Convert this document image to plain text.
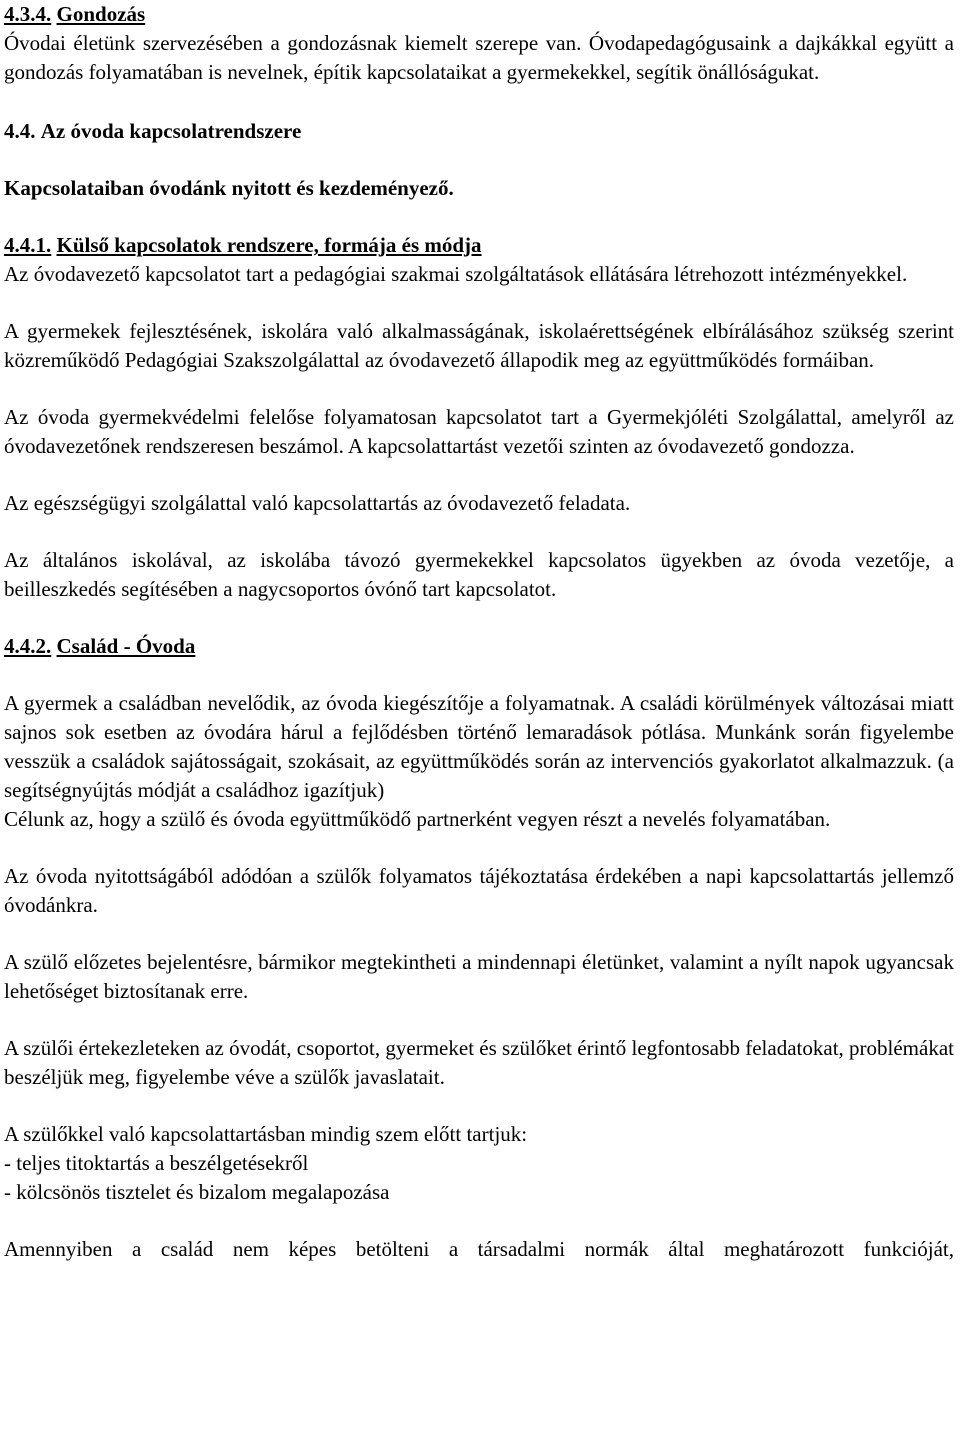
4.3.4. Gondozás

Óvodai életünk szervezésében a gondozásnak kiemelt szerepe van. Óvodapedagógusaink a dajkákkal együtt a gondozás folyamatában is nevelnek, építik kapcsolataikat a gyermekekkel, segítik önállóságukat.

4.4. Az óvoda kapcsolatrendszere

Kapcsolataiban óvodánk nyitott és kezdeményező.

4.4.1. Külső kapcsolatok rendszere, formája és módja

Az óvodavezető kapcsolatot tart a pedagógiai szakmai szolgáltatások ellátására létrehozott intézményekkel.

A gyermekek fejlesztésének, iskolára való alkalmasságának, iskolaérettségének elbírálásához szükség szerint közreműködő Pedagógiai Szakszolgálattal az óvodavezető állapodik meg az együttműködés formáiban.

Az óvoda gyermekvédelmi felelőse folyamatosan kapcsolatot tart a Gyermekjóléti Szolgálattal, amelyről az óvodavezetőnek rendszeresen beszámol. A kapcsolattartást vezetői szinten az óvodavezető gondozza.

Az egészségügyi szolgálattal való kapcsolattartás az óvodavezető feladata.

Az általános iskolával, az iskolába távozó gyermekekkel kapcsolatos ügyekben az óvoda vezetője, a beilleszkedés segítésében a nagycsoportos óvónő tart kapcsolatot.

4.4.2. Család - Óvoda

A gyermek a családban nevelődik, az óvoda kiegészítője a folyamatnak. A családi körülmények változásai miatt sajnos sok esetben az óvodára hárul a fejlődésben történő lemaradások pótlása. Munkánk során figyelembe vesszük a családok sajátosságait, szokásait, az együttműködés során az intervenciós gyakorlatot alkalmazzuk. (a segítségnyújtás módját a családhoz igazítjuk)

Célunk az, hogy a szülő és óvoda együttműködő partnerként vegyen részt a nevelés folyamatában.

Az óvoda nyitottságából adódóan a szülők folyamatos tájékoztatása érdekében a napi kapcsolattartás jellemző óvodánkra.

A szülő előzetes bejelentésre, bármikor megtekintheti a mindennapi életünket, valamint a nyílt napok ugyancsak lehetőséget biztosítanak erre.

A szülői értekezleteken az óvodát, csoportot, gyermeket és szülőket érintő legfontosabb feladatokat, problémákat beszéljük meg, figyelembe véve a szülők javaslatait.

A szülőkkel való kapcsolattartásban mindig szem előtt tartjuk:

- teljes titoktartás a beszélgetésekről

- kölcsönös tisztelet és bizalom megalapozása

Amennyiben a család nem képes betölteni a társadalmi normák által meghatározott funkcióját,
